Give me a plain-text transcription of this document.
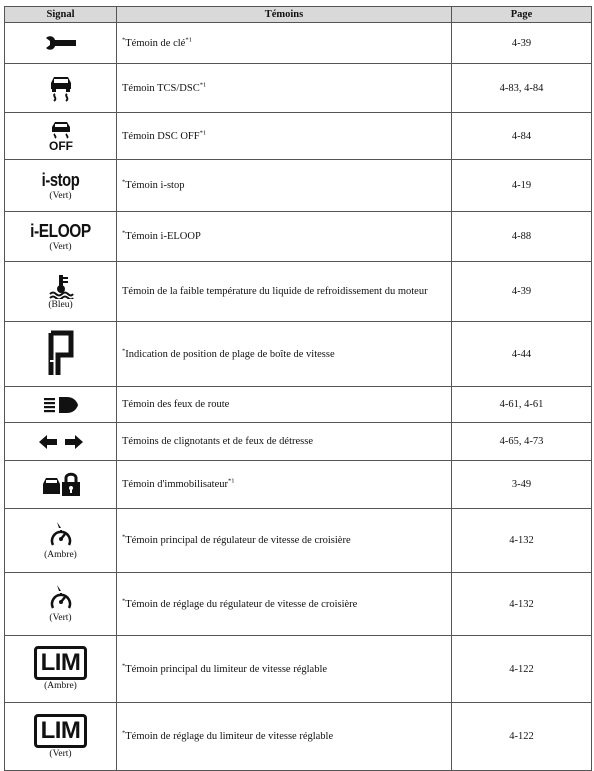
Signal	Témoins	Page

	*Témoin de clé$^{*1}$	4-39

	Témoin TCS/DSC$^{*1}$	4-83, 4-84

OFF	Témoin DSC OFF$^{*1}$	4-84

i-stop
(Vert)	*Témoin i-stop	4-19

i-ELOOP
(Vert)	*Témoin i-ELOOP	4-88

(Bleu)	Témoin de la faible température du liquide de refroidissement du moteur	4-39

	*Indication de position de plage de boîte de vitesse	4-44

	Témoin des feux de route	4-61, 4-61

	Témoins de clignotants et de feux de détresse	4-65, 4-73

	Témoin d'immobilisateur$^{*1}$	3-49

(Ambre)	*Témoin principal de régulateur de vitesse de croisière	4-132

(Vert)	*Témoin de réglage du régulateur de vitesse de croisière	4-132
LIM
(Ambre)	*Témoin principal du limiteur de vitesse réglable	4-122
LIM
(Vert)	*Témoin de réglage du limiteur de vitesse réglable	4-122
